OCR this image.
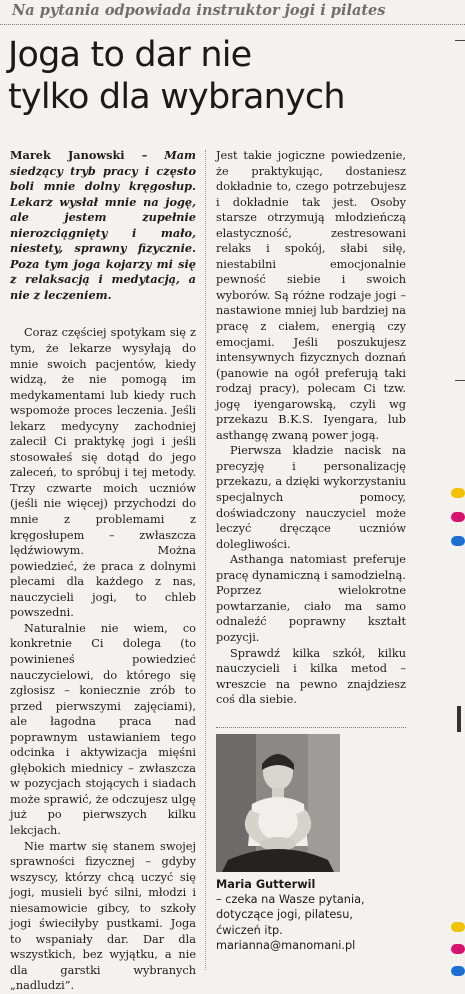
Na pytania odpowiada instruktor jogi i pilates
Joga to dar nie
tylko dla wybranych

Marek Janowski – Mam siedzący tryb pracy i często boli mnie dolny kręgosłup. Lekarz wysłał mnie na jogę, ale jestem zupełnie nierozciągnięty i mało, niestety, sprawny fizycznie. Poza tym joga kojarzy mi się z relaksacją i medytacją, a nie z leczeniem.

Coraz częściej spotykam się z tym, że lekarze wysyłają do mnie swoich pacjentów, kiedy widzą, że nie pomogą im medykamentami lub kiedy ruch wspomoże proces leczenia. Jeśli lekarz medycyny zachodniej zalecił Ci praktykę jogi i jeśli stosowałeś się dotąd do jego zaleceń, to spróbuj i tej metody. Trzy czwarte moich uczniów (jeśli nie więcej) przychodzi do mnie z problemami z kręgosłupem – zwłaszcza lędźwiowym. Można powiedzieć, że praca z dolnymi plecami dla każdego z nas, nauczycieli jogi, to chleb powszedni.

Naturalnie nie wiem, co konkretnie Ci dolega (to powinieneś powiedzieć nauczycielowi, do którego się zgłosisz – koniecznie zrób to przed pierwszymi zajęciami), ale łagodna praca nad poprawnym ustawianiem tego odcinka i aktywizacja mięśni głębokich miednicy – zwłaszcza w pozycjach stojących i siadach może sprawić, że odczujesz ulgę już po pierwszych kilku lekcjach.

Nie martw się stanem swojej sprawności fizycznej – gdyby wszyscy, którzy chcą uczyć się jogi, musieli być silni, młodzi i niesamowicie gibcy, to szkoły jogi świeciłyby pustkami. Joga to wspaniały dar. Dar dla wszystkich, bez wyjątku, a nie dla garstki wybranych „nadludzi”.

Jest takie jogiczne powiedzenie, że praktykując, dostaniesz dokładnie to, czego potrzebujesz i dokładnie tak jest. Osoby starsze otrzymują młodzieńczą elastyczność, zestresowani relaks i spokój, słabi siłę, niestabilni emocjonalnie pewność siebie i swoich wyborów. Są różne rodzaje jogi – nastawione mniej lub bardziej na pracę z ciałem, energią czy emocjami. Jeśli poszukujesz intensywnych fizycznych doznań (panowie na ogół preferują taki rodzaj pracy), polecam Ci tzw. jogę iyengarowską, czyli wg przekazu B.K.S. Iyengara, lub asthangę zwaną power jogą.

Pierwsza kładzie nacisk na precyzję i personalizację przekazu, a dzięki wykorzystaniu specjalnych pomocy, doświadczony nauczyciel może leczyć dręczące uczniów dolegliwości.

Asthanga natomiast preferuje pracę dynamiczną i samodzielną. Poprzez wielokrotne powtarzanie, ciało ma samo odnaleźć poprawny kształt pozycji.

Sprawdź kilka szkół, kilku nauczycieli i kilka metod – wreszcie na pewno znajdziesz coś dla siebie.

Maria Gutterwil
– czeka na Wasze pytania,
dotyczące jogi, pilatesu,
ćwiczeń itp.
marianna@manomani.pl
